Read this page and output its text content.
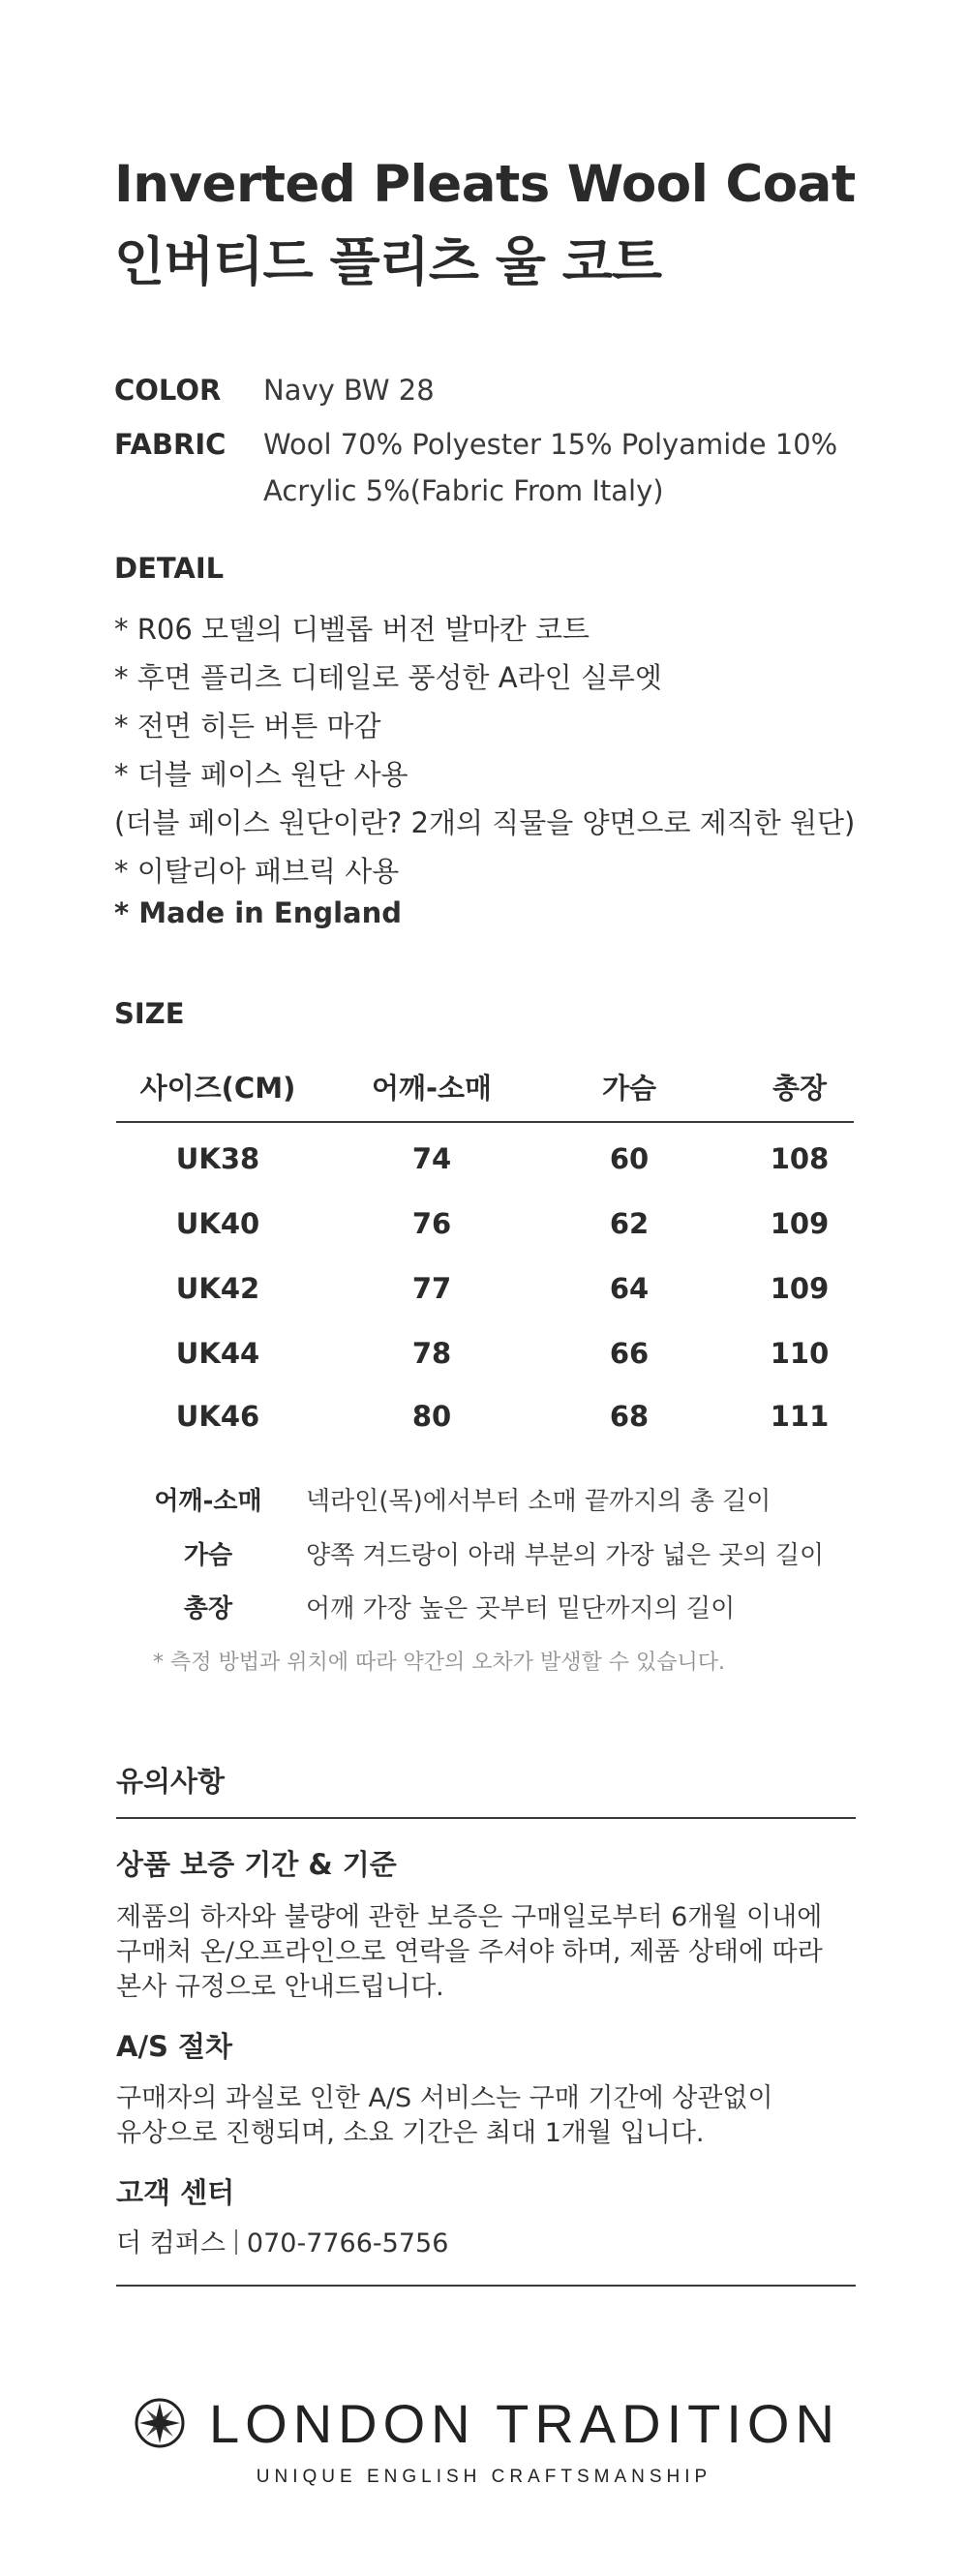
Inverted Pleats Wool Coat
인버티드 플리츠 울 코트
COLOR Navy BW 28
FABRIC Wool 70% Polyester 15% Polyamide 10%
Acrylic 5%(Fabric From Italy)
DETAIL
* R06 모델의 디벨롭 버전 발마칸 코트
* 후면 플리츠 디테일로 풍성한 A라인 실루엣
* 전면 히든 버튼 마감
* 더블 페이스 원단 사용
(더블 페이스 원단이란? 2개의 직물을 양면으로 제직한 원단)
* 이탈리아 패브릭 사용
* Made in England
SIZE
사이즈(CM)	어깨-소매	가슴	총장
UK38	74	60	108
UK40	76	62	109
UK42	77	64	109
UK44	78	66	110
UK46	80	68	111
어깨-소매	넥라인(목)에서부터 소매 끝까지의 총 길이
가슴	양쪽 겨드랑이 아래 부분의 가장 넓은 곳의 길이
총장	어깨 가장 높은 곳부터 밑단까지의 길이
* 측정 방법과 위치에 따라 약간의 오차가 발생할 수 있습니다.
유의사항
상품 보증 기간 & 기준
제품의 하자와 불량에 관한 보증은 구매일로부터 6개월 이내에
구매처 온/오프라인으로 연락을 주셔야 하며, 제품 상태에 따라
본사 규정으로 안내드립니다.
A/S 절차
구매자의 과실로 인한 A/S 서비스는 구매 기간에 상관없이
유상으로 진행되며, 소요 기간은 최대 1개월 입니다.
고객 센터
더 컴퍼스 070-7766-5756
LONDON TRADITION
UNIQUE ENGLISH CRAFTSMANSHIP
